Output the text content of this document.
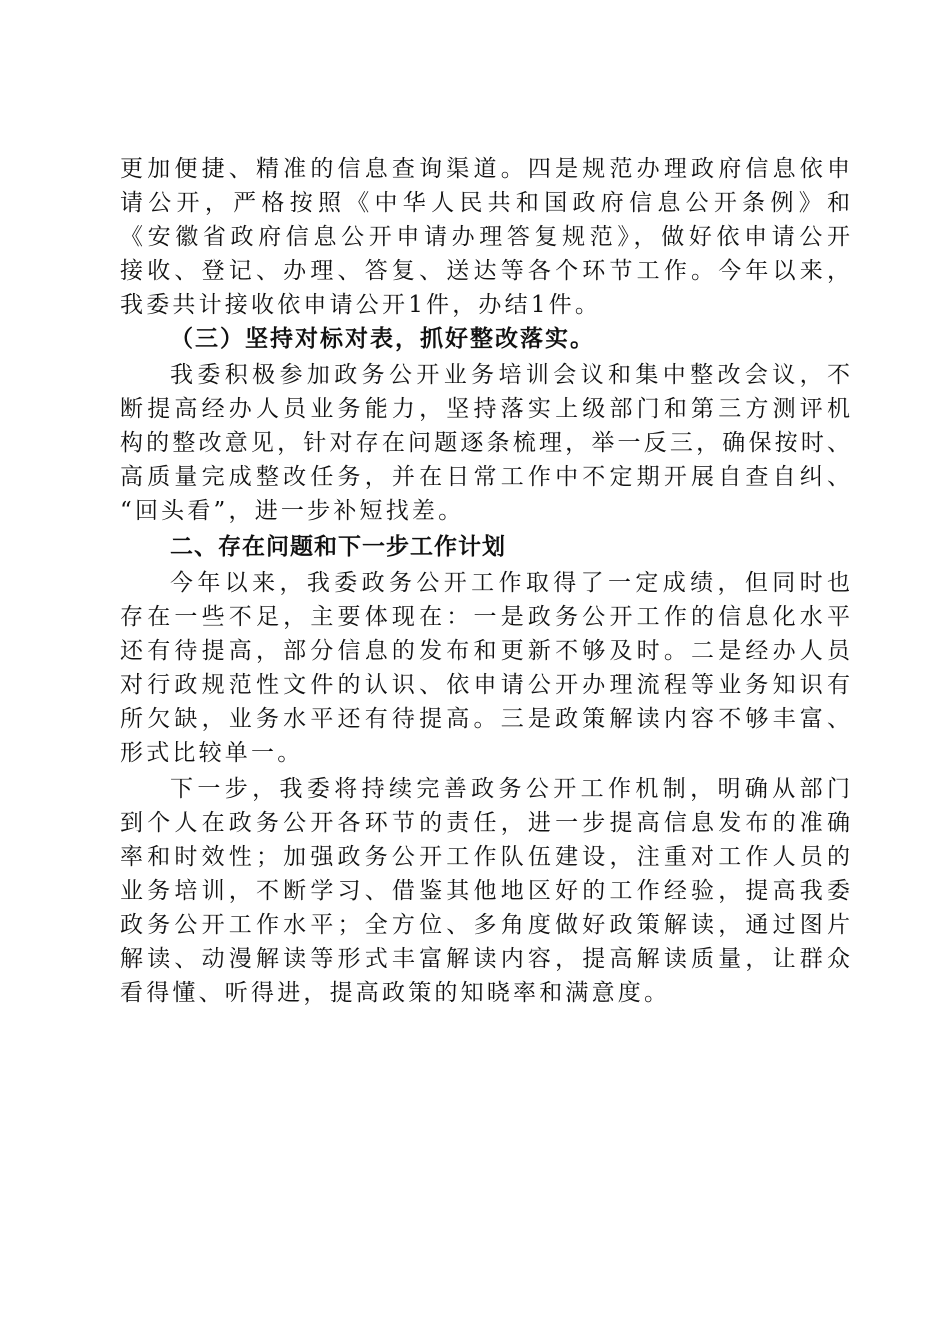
更加便捷、精准的信息查询渠道。四是规范办理政府信息依申
请公开，严格按照《中华人民共和国政府信息公开条例》和
《安徽省政府信息公开申请办理答复规范》，做好依申请公开
接收、登记、办理、答复、送达等各个环节工作。今年以来，
我委共计接收依申请公开1件，办结1件。
（三）坚持对标对表，抓好整改落实。
我委积极参加政务公开业务培训会议和集中整改会议，不
断提高经办人员业务能力，坚持落实上级部门和第三方测评机
构的整改意见，针对存在问题逐条梳理，举一反三，确保按时、
高质量完成整改任务，并在日常工作中不定期开展自查自纠、
“回头看”，进一步补短找差。
二、存在问题和下一步工作计划
今年以来，我委政务公开工作取得了一定成绩，但同时也
存在一些不足，主要体现在：一是政务公开工作的信息化水平
还有待提高，部分信息的发布和更新不够及时。二是经办人员
对行政规范性文件的认识、依申请公开办理流程等业务知识有
所欠缺，业务水平还有待提高。三是政策解读内容不够丰富、
形式比较单一。
下一步，我委将持续完善政务公开工作机制，明确从部门
到个人在政务公开各环节的责任，进一步提高信息发布的准确
率和时效性；加强政务公开工作队伍建设，注重对工作人员的
业务培训，不断学习、借鉴其他地区好的工作经验，提高我委
政务公开工作水平；全方位、多角度做好政策解读，通过图片
解读、动漫解读等形式丰富解读内容，提高解读质量，让群众
看得懂、听得进，提高政策的知晓率和满意度。
